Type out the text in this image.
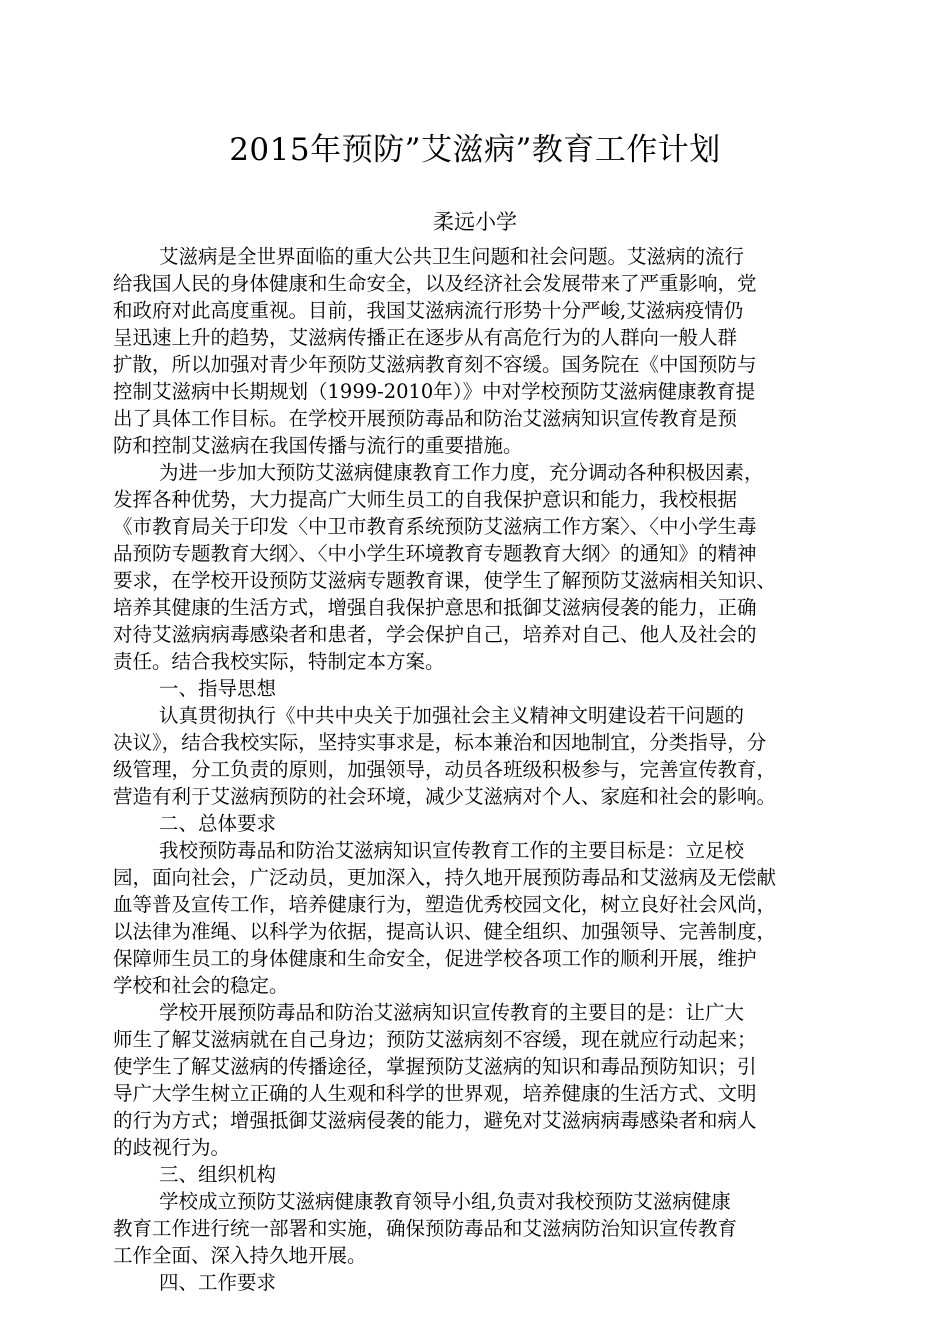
2015年预防”艾滋病”教育工作计划
柔远小学
艾滋病是全世界面临的重大公共卫生问题和社会问题。艾滋病的流行
给我国人民的身体健康和生命安全，以及经济社会发展带来了严重影响，党
和政府对此高度重视。目前，我国艾滋病流行形势十分严峻,艾滋病疫情仍
呈迅速上升的趋势，艾滋病传播正在逐步从有高危行为的人群向一般人群
扩散，所以加强对青少年预防艾滋病教育刻不容缓。国务院在《中国预防与
控制艾滋病中长期规划（1999-2010年）》中对学校预防艾滋病健康教育提
出了具体工作目标。在学校开展预防毒品和防治艾滋病知识宣传教育是预
防和控制艾滋病在我国传播与流行的重要措施。
为进一步加大预防艾滋病健康教育工作力度，充分调动各种积极因素，
发挥各种优势，大力提高广大师生员工的自我保护意识和能力，我校根据
《市教育局关于印发〈中卫市教育系统预防艾滋病工作方案〉、〈中小学生毒
品预防专题教育大纲〉、〈中小学生环境教育专题教育大纲〉的通知》的精神
要求，在学校开设预防艾滋病专题教育课，使学生了解预防艾滋病相关知识、
培养其健康的生活方式，增强自我保护意思和抵御艾滋病侵袭的能力，正确
对待艾滋病病毒感染者和患者，学会保护自己，培养对自己、他人及社会的
责任。结合我校实际，特制定本方案。
一、指导思想
认真贯彻执行《中共中央关于加强社会主义精神文明建设若干问题的
决议》，结合我校实际，坚持实事求是，标本兼治和因地制宜，分类指导，分
级管理，分工负责的原则，加强领导，动员各班级积极参与，完善宣传教育，
营造有利于艾滋病预防的社会环境，减少艾滋病对个人、家庭和社会的影响。
二、总体要求
我校预防毒品和防治艾滋病知识宣传教育工作的主要目标是：立足校
园，面向社会，广泛动员，更加深入，持久地开展预防毒品和艾滋病及无偿献
血等普及宣传工作，培养健康行为，塑造优秀校园文化，树立良好社会风尚，
以法律为准绳、以科学为依据，提高认识、健全组织、加强领导、完善制度，
保障师生员工的身体健康和生命安全，促进学校各项工作的顺利开展，维护
学校和社会的稳定。
学校开展预防毒品和防治艾滋病知识宣传教育的主要目的是：让广大
师生了解艾滋病就在自己身边；预防艾滋病刻不容缓，现在就应行动起来；
使学生了解艾滋病的传播途径，掌握预防艾滋病的知识和毒品预防知识；引
导广大学生树立正确的人生观和科学的世界观，培养健康的生活方式、文明
的行为方式；增强抵御艾滋病侵袭的能力，避免对艾滋病病毒感染者和病人
的歧视行为。
三、组织机构
学校成立预防艾滋病健康教育领导小组,负责对我校预防艾滋病健康
教育工作进行统一部署和实施，确保预防毒品和艾滋病防治知识宣传教育
工作全面、深入持久地开展。
四、工作要求
